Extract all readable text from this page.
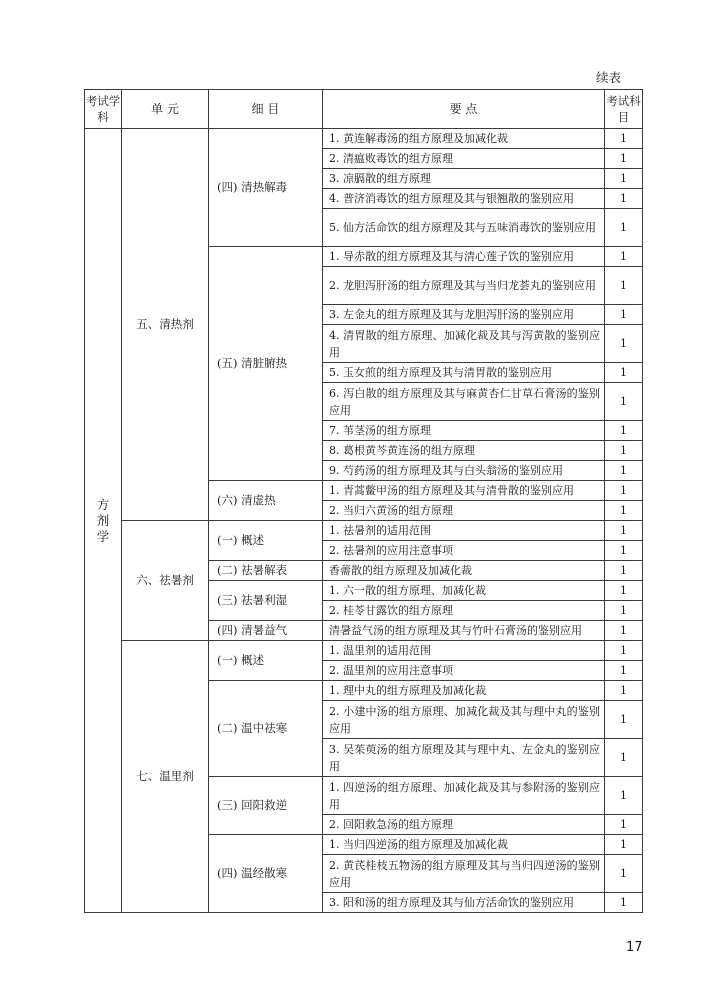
续表
考试学科	单 元	细 目	要 点	考试科目
方剂学	五、清热剂	(四) 清热解毒	1. 黄连解毒汤的组方原理及加减化裁	1
			2. 清瘟败毒饮的组方原理	1
			3. 凉膈散的组方原理	1
			4. 普济消毒饮的组方原理及其与银翘散的鉴别应用	1
			5. 仙方活命饮的组方原理及其与五味消毒饮的鉴别应用	1
		(五) 清脏腑热	1. 导赤散的组方原理及其与清心莲子饮的鉴别应用	1
			2. 龙胆泻肝汤的组方原理及其与当归龙荟丸的鉴别应用	1
			3. 左金丸的组方原理及其与龙胆泻肝汤的鉴别应用	1
			4. 清胃散的组方原理、加减化裁及其与泻黄散的鉴别应用	1
			5. 玉女煎的组方原理及其与清胃散的鉴别应用	1
			6. 泻白散的组方原理及其与麻黄杏仁甘草石膏汤的鉴别应用	1
			7. 苇茎汤的组方原理	1
			8. 葛根黄芩黄连汤的组方原理	1
			9. 芍药汤的组方原理及其与白头翁汤的鉴别应用	1
		(六) 清虚热	1. 青蒿鳖甲汤的组方原理及其与清骨散的鉴别应用	1
			2. 当归六黄汤的组方原理	1
	六、祛暑剂	(一) 概述	1. 祛暑剂的适用范围	1
			2. 祛暑剂的应用注意事项	1
		(二) 祛暑解表	香薷散的组方原理及加减化裁	1
		(三) 祛暑利湿	1. 六一散的组方原理、加减化裁	1
			2. 桂苓甘露饮的组方原理	1
		(四) 清暑益气	清暑益气汤的组方原理及其与竹叶石膏汤的鉴别应用	1
	七、温里剂	(一) 概述	1. 温里剂的适用范围	1
			2. 温里剂的应用注意事项	1
		(二) 温中祛寒	1. 理中丸的组方原理及加减化裁	1
			2. 小建中汤的组方原理、加减化裁及其与理中丸的鉴别应用	1
			3. 吴茱萸汤的组方原理及其与理中丸、左金丸的鉴别应用	1
		(三) 回阳救逆	1. 四逆汤的组方原理、加减化裁及其与参附汤的鉴别应用	1
			2. 回阳救急汤的组方原理	1
		(四) 温经散寒	1. 当归四逆汤的组方原理及加减化裁	1
			2. 黄芪桂枝五物汤的组方原理及其与当归四逆汤的鉴别应用	1
			3. 阳和汤的组方原理及其与仙方活命饮的鉴别应用	1
17
